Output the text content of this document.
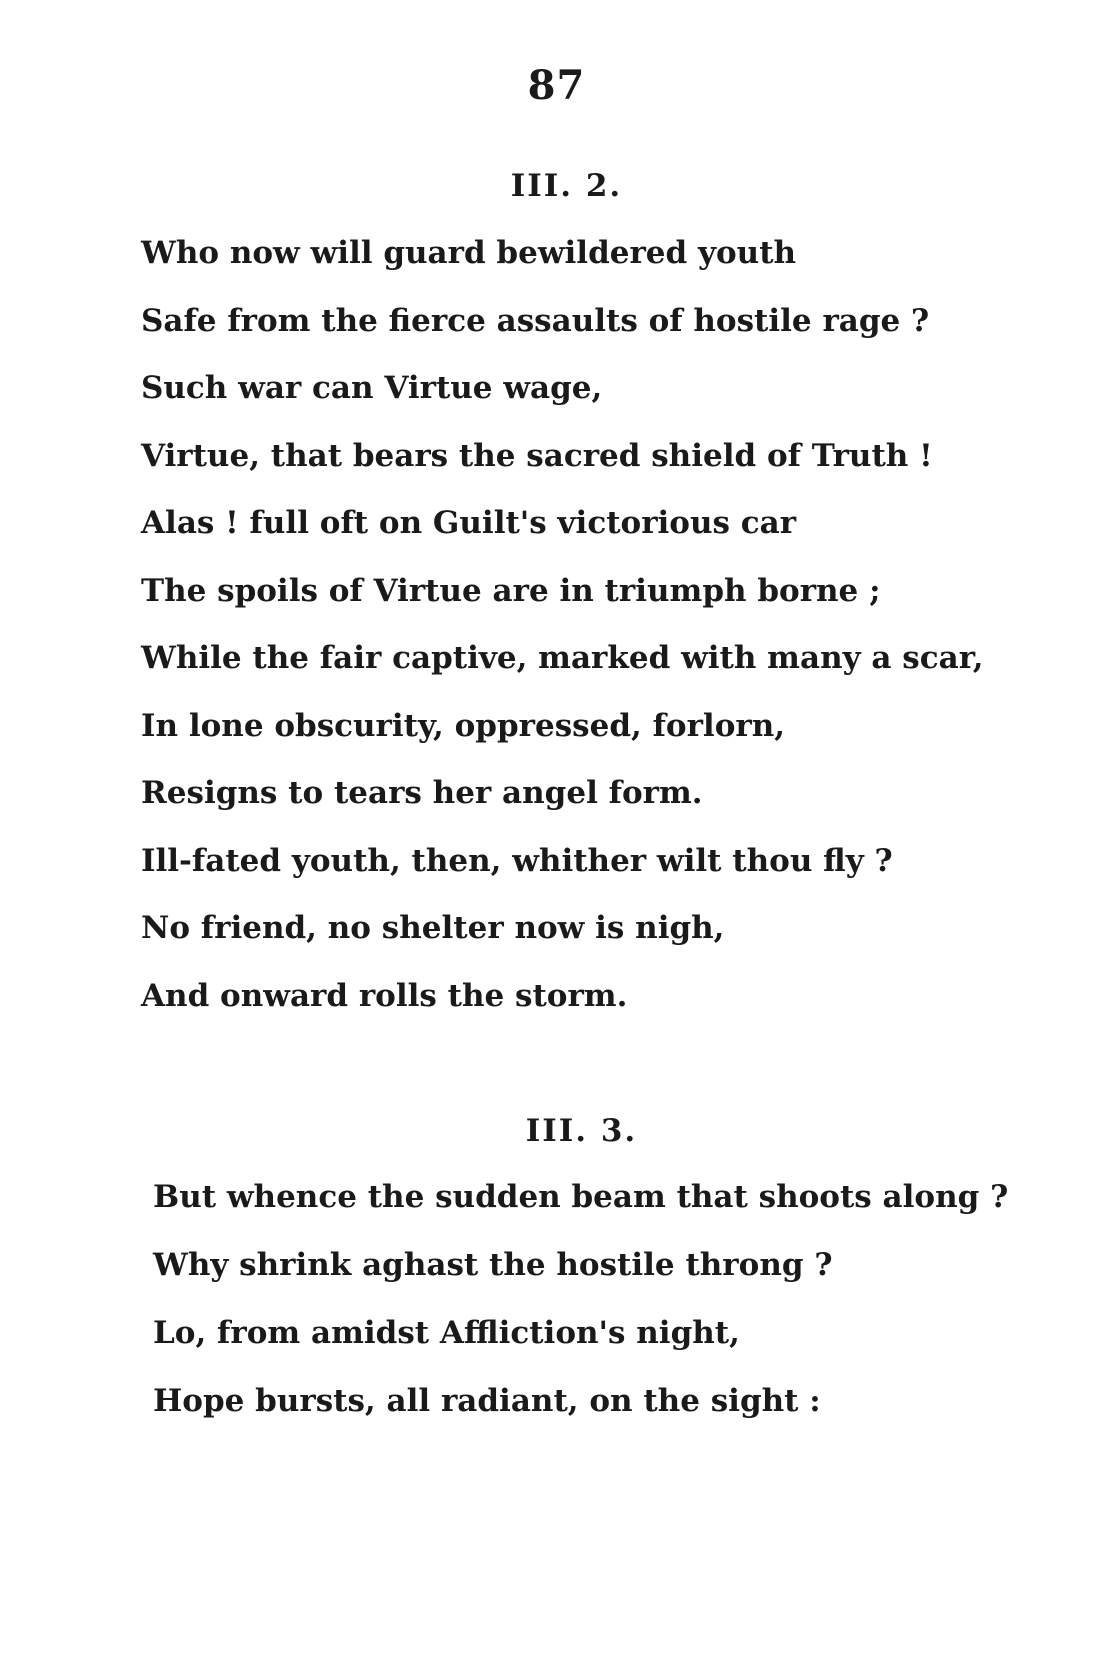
87
III. 2.
Who now will guard bewildered youth
Safe from the fierce assaults of hostile rage ?
Such war can Virtue wage,
Virtue, that bears the sacred shield of Truth !
Alas ! full oft on Guilt's victorious car
The spoils of Virtue are in triumph borne ;
While the fair captive, marked with many a scar,
In lone obscurity, oppressed, forlorn,
Resigns to tears her angel form.
Ill-fated youth, then, whither wilt thou fly ?
No friend, no shelter now is nigh,
And onward rolls the storm.
III. 3.
But whence the sudden beam that shoots along ?
Why shrink aghast the hostile throng ?
Lo, from amidst Affliction's night,
Hope bursts, all radiant, on the sight :
